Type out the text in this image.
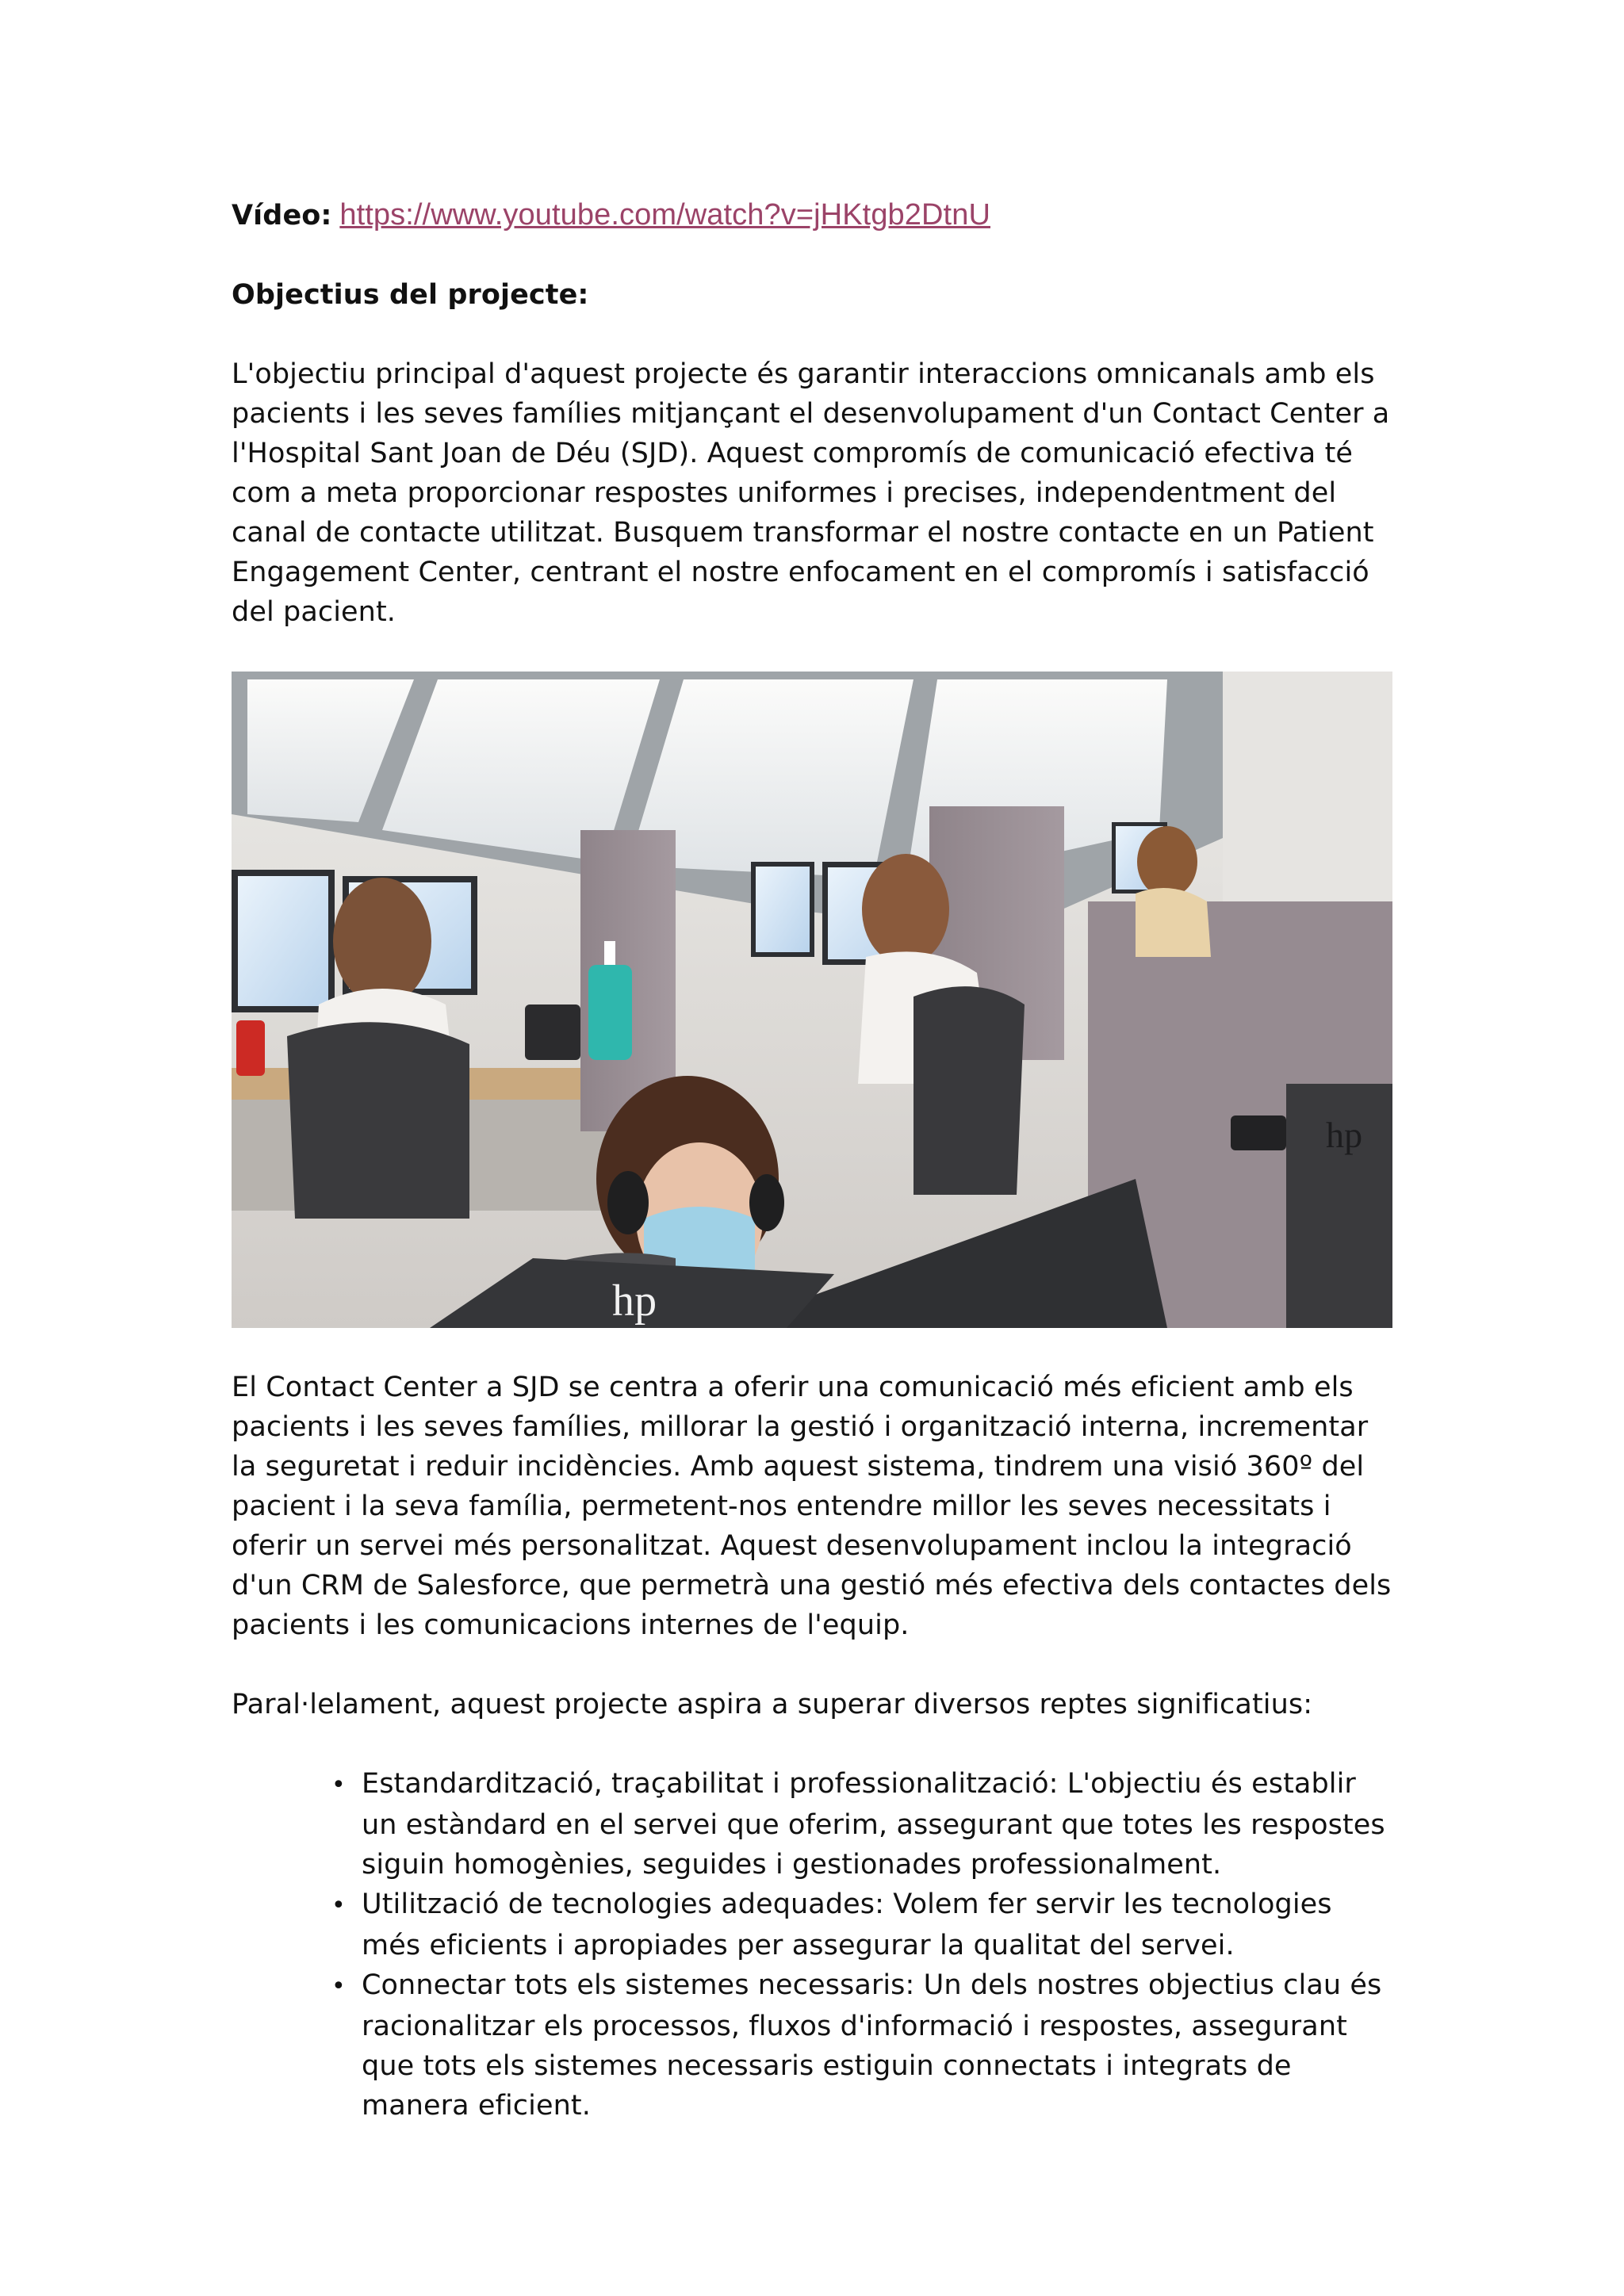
Vídeo: https://www.youtube.com/watch?v=jHKtgb2DtnU

Objectius del projecte:

L'objectiu principal d'aquest projecte és garantir interaccions omnicanals amb els pacients i les seves famílies mitjançant el desenvolupament d'un Contact Center a l'Hospital Sant Joan de Déu (SJD). Aquest compromís de comunicació efectiva té com a meta proporcionar respostes uniformes i precises, independentment del canal de contacte utilitzat. Busquem transformar el nostre contacte en un Patient Engagement Center, centrant el nostre enfocament en el compromís i satisfacció del pacient.

hp
hp

El Contact Center a SJD se centra a oferir una comunicació més eficient amb els pacients i les seves famílies, millorar la gestió i organització interna, incrementar la seguretat i reduir incidències. Amb aquest sistema, tindrem una visió 360º del pacient i la seva família, permetent-nos entendre millor les seves necessitats i oferir un servei més personalitzat. Aquest desenvolupament inclou la integració d'un CRM de Salesforce, que permetrà una gestió més efectiva dels contactes dels pacients i les comunicacions internes de l'equip.

Paral·lelament, aquest projecte aspira a superar diversos reptes significatius:

• Estandardització, traçabilitat i professionalització: L'objectiu és establir un estàndard en el servei que oferim, assegurant que totes les respostes siguin homogènies, seguides i gestionades professionalment.
• Utilització de tecnologies adequades: Volem fer servir les tecnologies més eficients i apropiades per assegurar la qualitat del servei.
• Connectar tots els sistemes necessaris: Un dels nostres objectius clau és racionalitzar els processos, fluxos d'informació i respostes, assegurant que tots els sistemes necessaris estiguin connectats i integrats de manera eficient.
